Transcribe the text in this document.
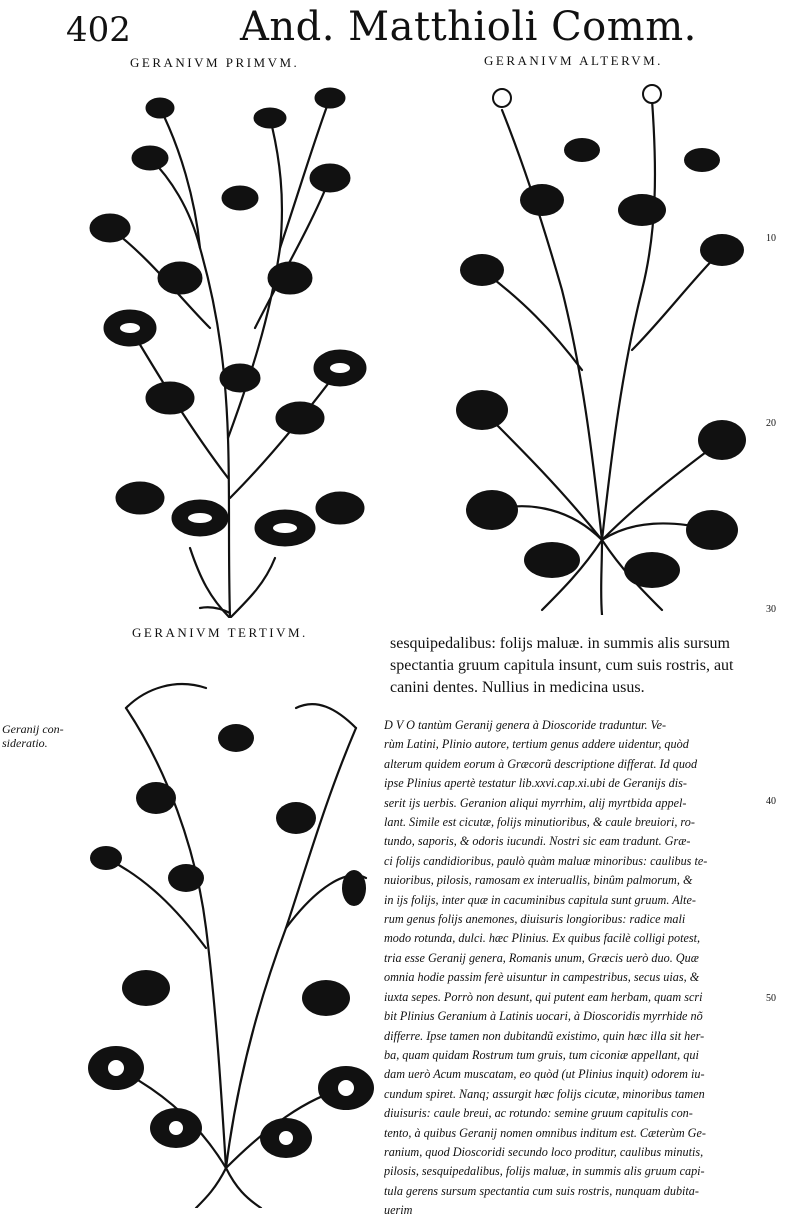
402	And. Matthioli Comm.
GERANIVM PRIMVM.	GERANIVM ALTERVM.
GERANIVM TERTIVM.
10
20
30
40
50
Geranij con-
sideratio.
sesquipedalibus: folijs maluæ. in summis alis sursum
spectantia gruum capitula insunt, cum suis rostris, aut
canini dentes. Nullius in medicina usus.
D V O tantùm Geranij genera à Dioscoride traduntur. Ve-
rùm Latini, Plinio autore, tertium genus addere uidentur, quòd
alterum quidem eorum à Græcorũ descriptione differat. Id quod
ipse Plinius apertè testatur lib.xxvi.cap.xi.ubi de Geranijs dis-
serit ijs uerbis. Geranion aliqui myrrhim, alij myrtbida appel-
lant. Simile est cicutæ, folijs minutioribus, & caule breuiori, ro-
tundo, saporis, & odoris iucundi. Nostri sic eam tradunt. Græ-
ci folijs candidioribus, paulò quàm maluæ minoribus: caulibus te-
nuioribus, pilosis, ramosam ex interuallis, binûm palmorum, &
in ijs folijs, inter quæ in cacuminibus capitula sunt gruum. Alte-
rum genus folijs anemones, diuisuris longioribus: radice mali
modo rotunda, dulci. hæc Plinius. Ex quibus facilè colligi potest,
tria esse Geranij genera, Romanis unum, Græcis uerò duo. Quæ
omnia hodie passim ferè uisuntur in campestribus, secus uias, &
iuxta sepes. Porrò non desunt, qui putent eam herbam, quam scri
bit Plinius Geranium à Latinis uocari, à Dioscoridis myrrhide nõ
differre. Ipse tamen non dubitandũ existimo, quin hæc illa sit her-
ba, quam quidam Rostrum tum gruis, tum ciconiæ appellant, qui
dam uerò Acum muscatam, eo quòd (ut Plinius inquit) odorem iu-
cundum spiret. Nanq; assurgit hæc folijs cicutæ, minoribus tamen
diuisuris: caule breui, ac rotundo: semine gruum capitulis con-
tento, à quibus Geranij nomen omnibus inditum est. Cæterùm Ge-
ranium, quod Dioscoridi secundo loco proditur, caulibus minutis,
pilosis, sesquipedalibus, folijs maluæ, in summis alis gruum capi-
tula gerens sursum spectantia cum suis rostris, nunquam dubita-
uerim
